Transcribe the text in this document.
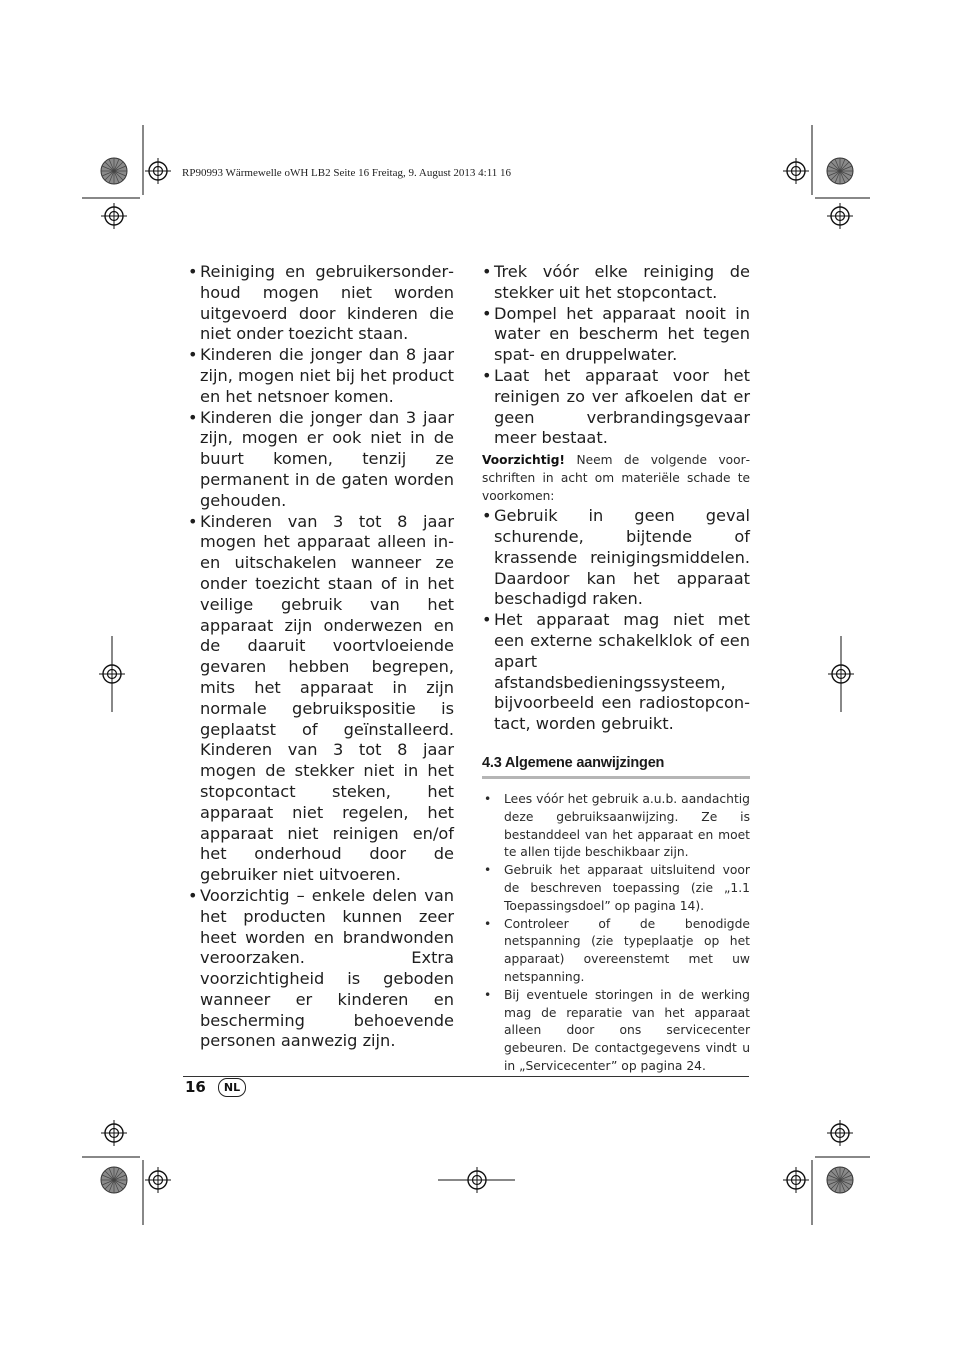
RP90993 Wärmewelle oWH LB2 Seite 16 Freitag, 9. August 2013 4:11 16
• Reiniging en gebruikersonderhoud mogen niet worden uitgevoerd door kinderen die niet onder toezicht staan.
• Kinderen die jonger dan 8 jaar zijn, mogen niet bij het product en het netsnoer komen.
• Kinderen die jonger dan 3 jaar zijn, mogen er ook niet in de buurt komen, tenzij ze permanent in de gaten worden gehouden.
• Kinderen van 3 tot 8 jaar mogen het apparaat alleen in- en uitschakelen wanneer ze onder toezicht staan of in het veilige gebruik van het apparaat zijn onderwezen en de daaruit voortvloeiende gevaren hebben begrepen, mits het apparaat in zijn normale gebruikspositie is geplaatst of geïnstalleerd. Kinderen van 3 tot 8 jaar mogen de stekker niet in het stopcontact steken, het apparaat niet regelen, het apparaat niet reinigen en/of het onderhoud door de gebruiker niet uitvoeren.
• Voorzichtig – enkele delen van het producten kunnen zeer heet worden en brandwonden veroorzaken. Extra voorzichtigheid is geboden wanneer er kinderen en bescherming behoevende personen aanwezig zijn.
• Trek vóór elke reiniging de stekker uit het stopcontact.
• Dompel het apparaat nooit in water en bescherm het tegen spat- en druppelwater.
• Laat het apparaat voor het reinigen zo ver afkoelen dat er geen verbrandingsgevaar meer bestaat.
Voorzichtig! Neem de volgende voorschriften in acht om materiële schade te voorkomen:
• Gebruik in geen geval schurende, bijtende of krassende reinigingsmiddelen. Daardoor kan het apparaat beschadigd raken.
• Het apparaat mag niet met een externe schakelklok of een apart afstandsbedieningssysteem, bijvoorbeeld een radiostopcontact, worden gebruikt.
4.3 Algemene aanwijzingen
• Lees vóór het gebruik a.u.b. aandachtig deze gebruiksaanwijzing. Ze is bestanddeel van het apparaat en moet te allen tijde beschikbaar zijn.
• Gebruik het apparaat uitsluitend voor de beschreven toepassing (zie „1.1 Toepassingsdoel” op pagina 14).
• Controleer of de benodigde netspanning (zie typeplaatje op het apparaat) overeenstemt met uw netspanning.
• Bij eventuele storingen in de werking mag de reparatie van het apparaat alleen door ons servicecenter gebeuren. De contactgegevens vindt u in „Servicecenter” op pagina 24.
16	NL
